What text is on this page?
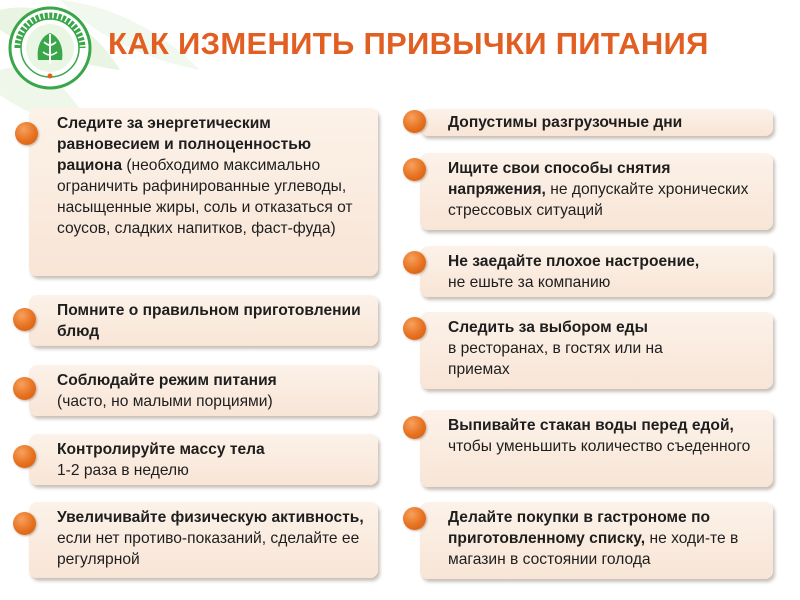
КАК ИЗМЕНИТЬ ПРИВЫЧКИ ПИТАНИЯ
Следите за энергетическим равновесием и полноценностью рациона (необходимо максимально ограничить рафинированные углеводы, насыщенные жиры, соль и отказаться от соусов, сладких напитков, фаст-фуда)
Помните о правильном приготовлении блюд
Соблюдайте режим питания
(часто, но малыми порциями)
Контролируйте массу тела
1-2 раза в неделю
Увеличивайте физическую активность, если нет противо-показаний, сделайте ее регулярной
Допустимы разгрузочные дни
Ищите свои способы снятия напряжения, не допускайте хронических стрессовых ситуаций
Не заедайте плохое настроение,
не ешьте за компанию
Следить за выбором еды
в ресторанах, в гостях или на приемах
Выпивайте стакан воды перед едой, чтобы уменьшить количество съеденного
Делайте покупки в гастрономе по приготовленному списку, не ходи-те в магазин в состоянии голода
